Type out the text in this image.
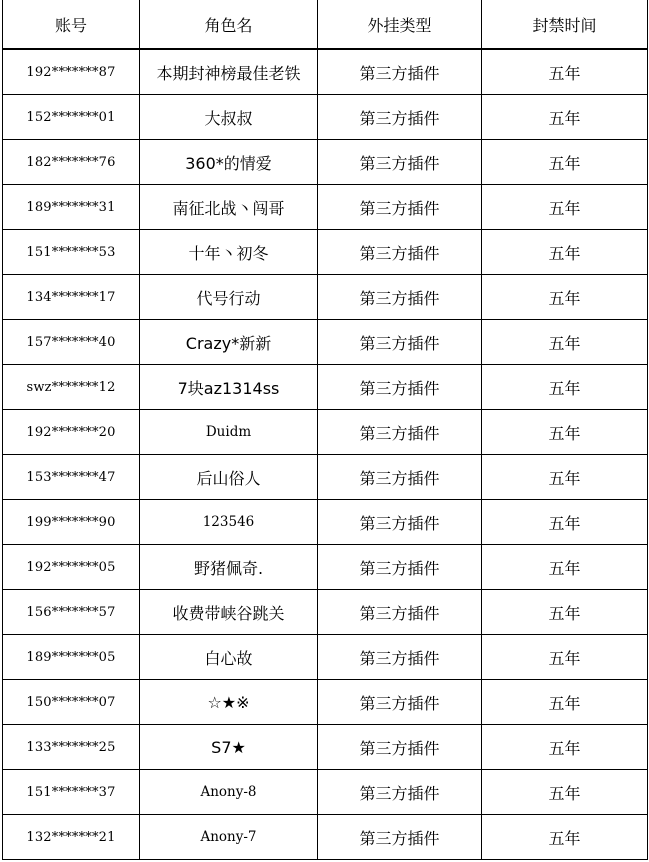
账号	角色名	外挂类型	封禁时间
192*******87	本期封神榜最佳老铁	第三方插件	五年
152*******01	大叔叔	第三方插件	五年
182*******76	360*的情爱	第三方插件	五年
189*******31	南征北战丶闯哥	第三方插件	五年
151*******53	十年丶初冬	第三方插件	五年
134*******17	代号行动	第三方插件	五年
157*******40	Crazy*新新	第三方插件	五年
swz*******12	7块az1314ss	第三方插件	五年
192*******20	Duidm	第三方插件	五年
153*******47	后山俗人	第三方插件	五年
199*******90	123546	第三方插件	五年
192*******05	野猪佩奇.	第三方插件	五年
156*******57	收费带峡谷跳关	第三方插件	五年
189*******05	白心故	第三方插件	五年
150*******07	☆★※	第三方插件	五年
133*******25	S7★	第三方插件	五年
151*******37	Anony-8	第三方插件	五年
132*******21	Anony-7	第三方插件	五年
